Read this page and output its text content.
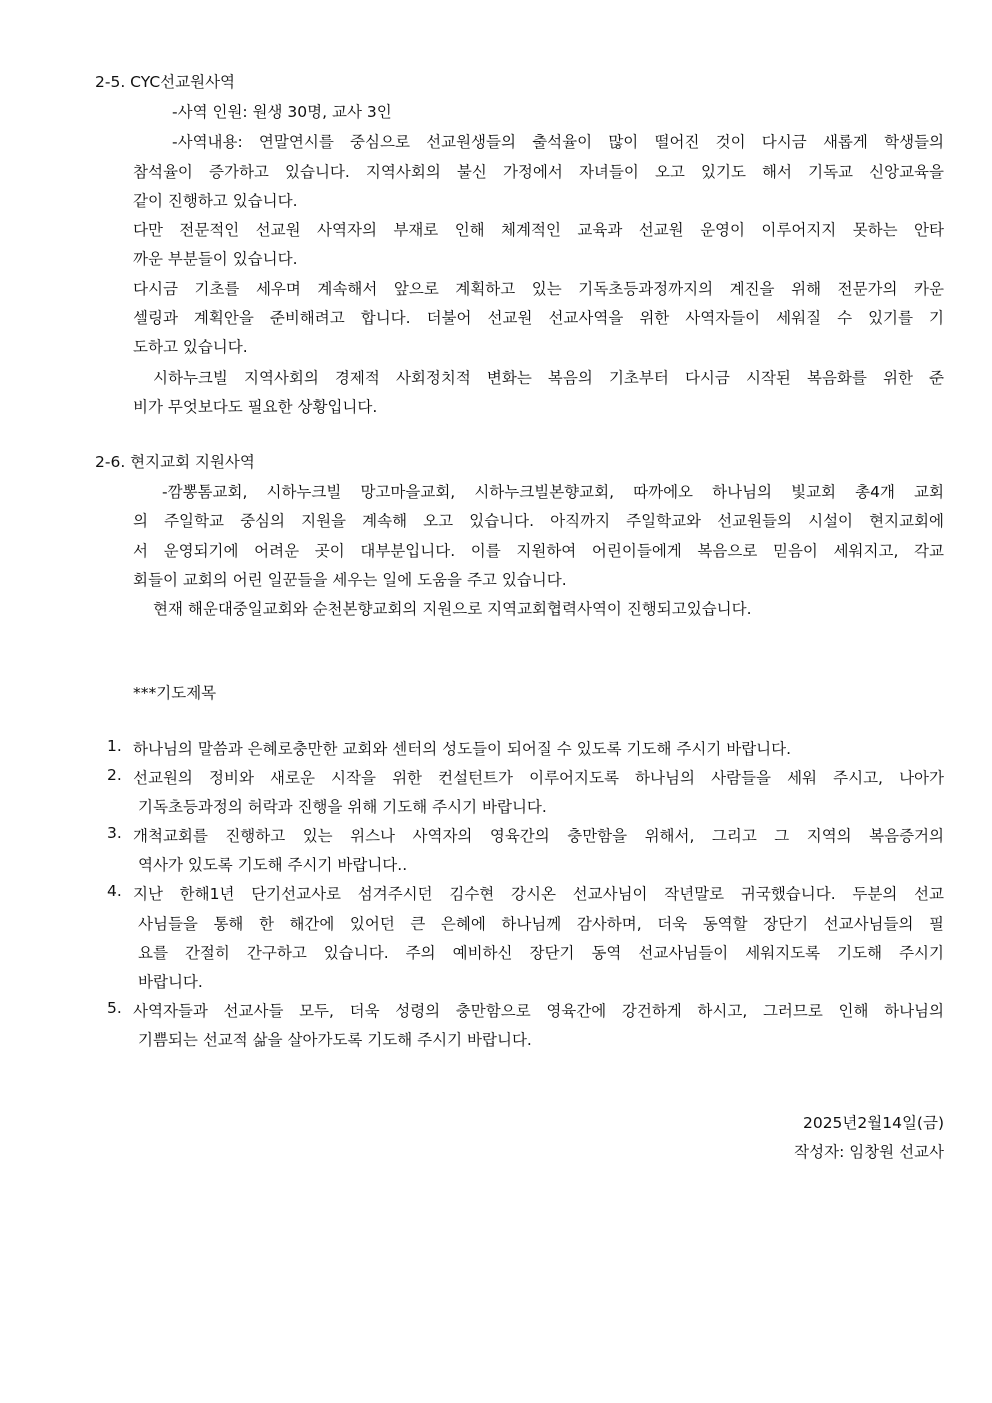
2-5. CYC선교원사역
-사역 인원: 원생 30명, 교사 3인
-사역내용: 연말연시를 중심으로 선교원생들의 출석율이 많이 떨어진 것이 다시금 새롭게 학생들의
참석율이 증가하고 있습니다. 지역사회의 불신 가정에서 자녀들이 오고 있기도 해서 기독교 신앙교육을
같이 진행하고 있습니다.
다만 전문적인 선교원 사역자의 부재로 인해 체계적인 교육과 선교원 운영이 이루어지지 못하는 안타
까운 부분들이 있습니다.
다시금 기초를 세우며 계속해서 앞으로 계획하고 있는 기독초등과정까지의 계진을 위해 전문가의 카운
셀링과 계획안을 준비해려고 합니다. 더불어 선교원 선교사역을 위한 사역자들이 세워질 수 있기를 기
도하고 있습니다.
시하누크빌 지역사회의 경제적 사회정치적 변화는 복음의 기초부터 다시금 시작된 복음화를 위한 준
비가 무엇보다도 필요한 상황입니다.
2-6. 현지교회 지원사역
-깜뽕톰교회, 시하누크빌 망고마을교회, 시하누크빌본향교회, 따까에오 하나님의 빛교회 총4개 교회
의 주일학교 중심의 지원을 계속해 오고 있습니다. 아직까지 주일학교와 선교원들의 시설이 현지교회에
서 운영되기에 어려운 곳이 대부분입니다. 이를 지원하여 어린이들에게 복음으로 믿음이 세워지고, 각교
회들이 교회의 어린 일꾼들을 세우는 일에 도움을 주고 있습니다.
현재 해운대중일교회와 순천본향교회의 지원으로 지역교회협력사역이 진행되고있습니다.
***기도제목
1. 하나님의 말씀과 은혜로충만한 교회와 센터의 성도들이 되어질 수 있도록 기도해 주시기 바랍니다.
2. 선교원의 정비와 새로운 시작을 위한 컨설턴트가 이루어지도록 하나님의 사람들을 세워 주시고, 나아가
기독초등과정의 허락과 진행을 위해 기도해 주시기 바랍니다.
3. 개척교회를 진행하고 있는 위스나 사역자의 영육간의 충만함을 위해서, 그리고 그 지역의 복음증거의
역사가 있도록 기도해 주시기 바랍니다..
4. 지난 한해1년 단기선교사로 섬겨주시던 김수현 강시온 선교사님이 작년말로 귀국했습니다. 두분의 선교
사님들을 통해 한 해간에 있어던 큰 은혜에 하나님께 감사하며, 더욱 동역할 장단기 선교사님들의 필
요를 간절히 간구하고 있습니다. 주의 예비하신 장단기 동역 선교사님들이 세워지도록 기도해 주시기
바랍니다.
5. 사역자들과 선교사들 모두, 더욱 성령의 충만함으로 영육간에 강건하게 하시고, 그러므로 인해 하나님의
기쁨되는 선교적 삶을 살아가도록 기도해 주시기 바랍니다.
2025년2월14일(금)
작성자: 임창원 선교사
